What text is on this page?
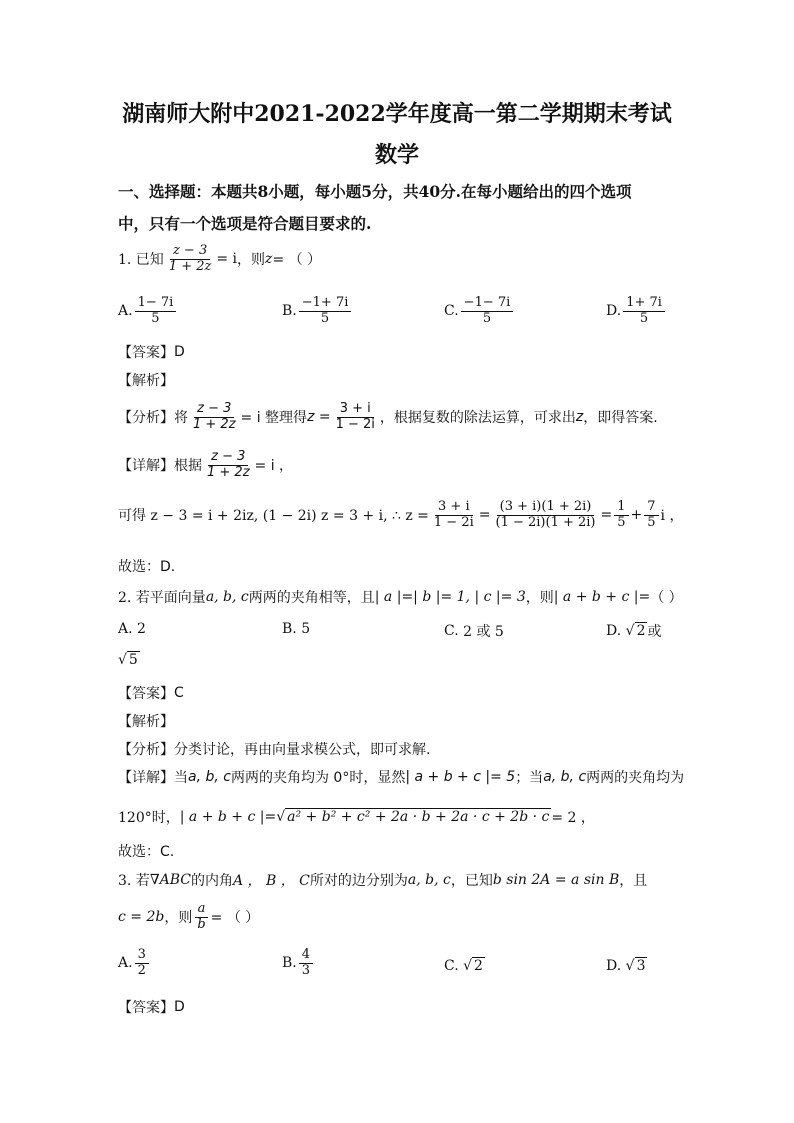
湖南师大附中2021-2022学年度高一第二学期期末考试
数学
一、选择题：本题共8小题，每小题5分，共40分.在每小题给出的四个选项
中，只有一个选项是符合题目要求的.
1. 已知 $\frac{z - 3}{1 + 2z} = i$ ，则 z = （ ）
A. $\frac{1- 7i}{5}$	B. $\frac{-1+ 7i}{5}$	C. $\frac{-1- 7i}{5}$	D. $\frac{1+ 7i}{5}$
【答案】 D
【解析】
【分析】 将 $\frac{z - 3}{1 + 2z} = i$ 整理得 $z = \frac{3 + i}{1 - 2i}$ ，根据复数的除法运算，可求出 z ，即得答案.
【详解】 根据 $\frac{z - 3}{1 + 2z} = i$ ，
可得 z − 3 = i + 2iz, (1 − 2i) z = 3 + i, ∴ $z = \frac{3 + i}{1 - 2i} = \frac{(3 + i)(1 + 2i)}{(1 - 2i)(1 + 2i)} = \frac{1}{5} + \frac{7}{5}$ i ，
故选：D.
2. 若平面向量 a, b, c 两两的夹角相等，且 | a |=| b |= 1, | c |= 3 ，则 | a + b + c |= （ ）
A.
2	B.
5	C.
2 或 5	D.
√ 2 或
√ 5
【答案】 C
【解析】
【分析】 分类讨论，再由向量求模公式，即可求解.
【详解】 当 a, b, c 两两的夹角均为 0°时，显然 | a + b + c |= 5 ；当 a, b, c 两两的夹角均为
120°时， | a + b + c |= √ a² + b² + c² + 2a · b + 2a · c + 2b · c = 2 ，
故选：C.
3. 若 ∇ABC 的内角 A ， B ， C 所对的边分别为 a, b, c ，已知 b sin 2A = a sin B ，且
c = 2b ，则 $\frac{a}{b}$ = （ ）
A. $\frac{3}{2}$	B. $\frac{4}{3}$	C.
√ 2	D.
√ 3
【答案】 D
